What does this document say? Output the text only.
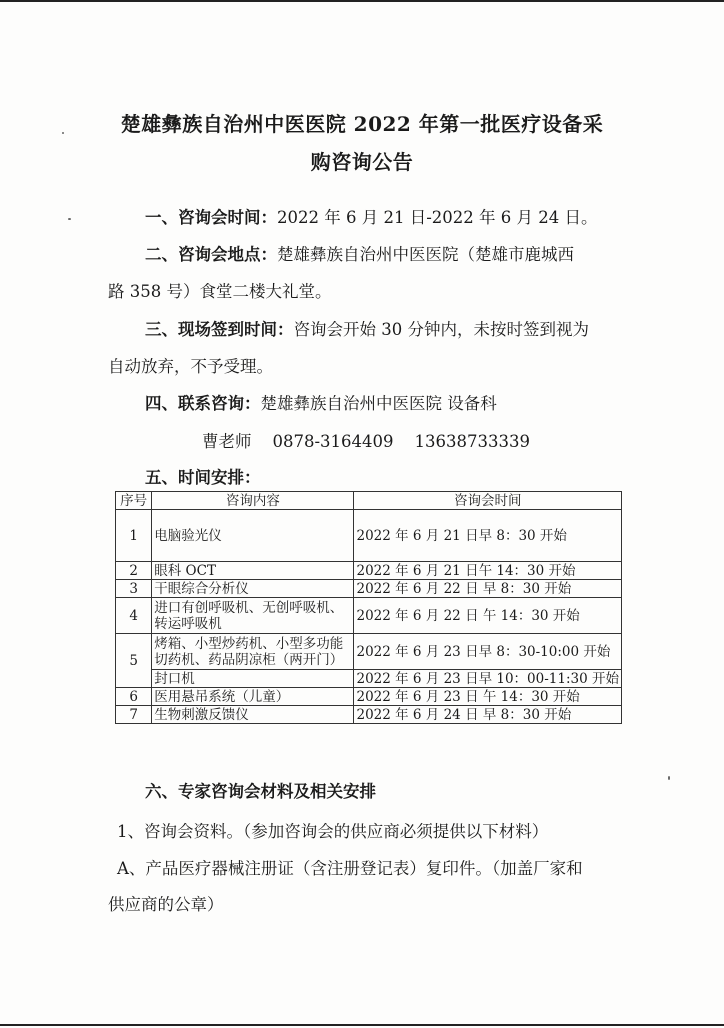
楚雄彝族自治州中医医院 2022 年第一批医疗设备采
购咨询公告
一、咨询会时间：2022 年 6 月 21 日-2022 年 6 月 24 日。
二、咨询会地点：楚雄彝族自治州中医医院（楚雄市鹿城西
路 358 号）食堂二楼大礼堂。
三、现场签到时间：咨询会开始 30 分钟内，未按时签到视为
自动放弃，不予受理。
四、联系咨询：楚雄彝族自治州中医医院 设备科
曹老师    0878-3164409    13638733339
五、时间安排：
序号	咨询内容	咨询会时间
1	电脑验光仪	2022 年 6 月 21 日早 8：30 开始
2	眼科 OCT	2022 年 6 月 21 日午 14：30 开始
3	干眼综合分析仪	2022 年 6 月 22 日 早 8：30 开始
4	进口有创呼吸机、无创呼吸机、转运呼吸机	2022 年 6 月 22 日 午 14：30 开始
5	烤箱、小型炒药机、小型多功能切药机、药品阴凉柜（两开门）	2022 年 6 月 23 日早 8：30-10:00 开始
	封口机	2022 年 6 月 23 日早 10：00-11:30 开始
6	医用悬吊系统（儿童）	2022 年 6 月 23 日 午 14：30 开始
7	生物刺激反馈仪	2022 年 6 月 24 日 早 8：30 开始
六、专家咨询会材料及相关安排
1、咨询会资料。（参加咨询会的供应商必须提供以下材料）
A、产品医疗器械注册证（含注册登记表）复印件。（加盖厂家和
供应商的公章）
